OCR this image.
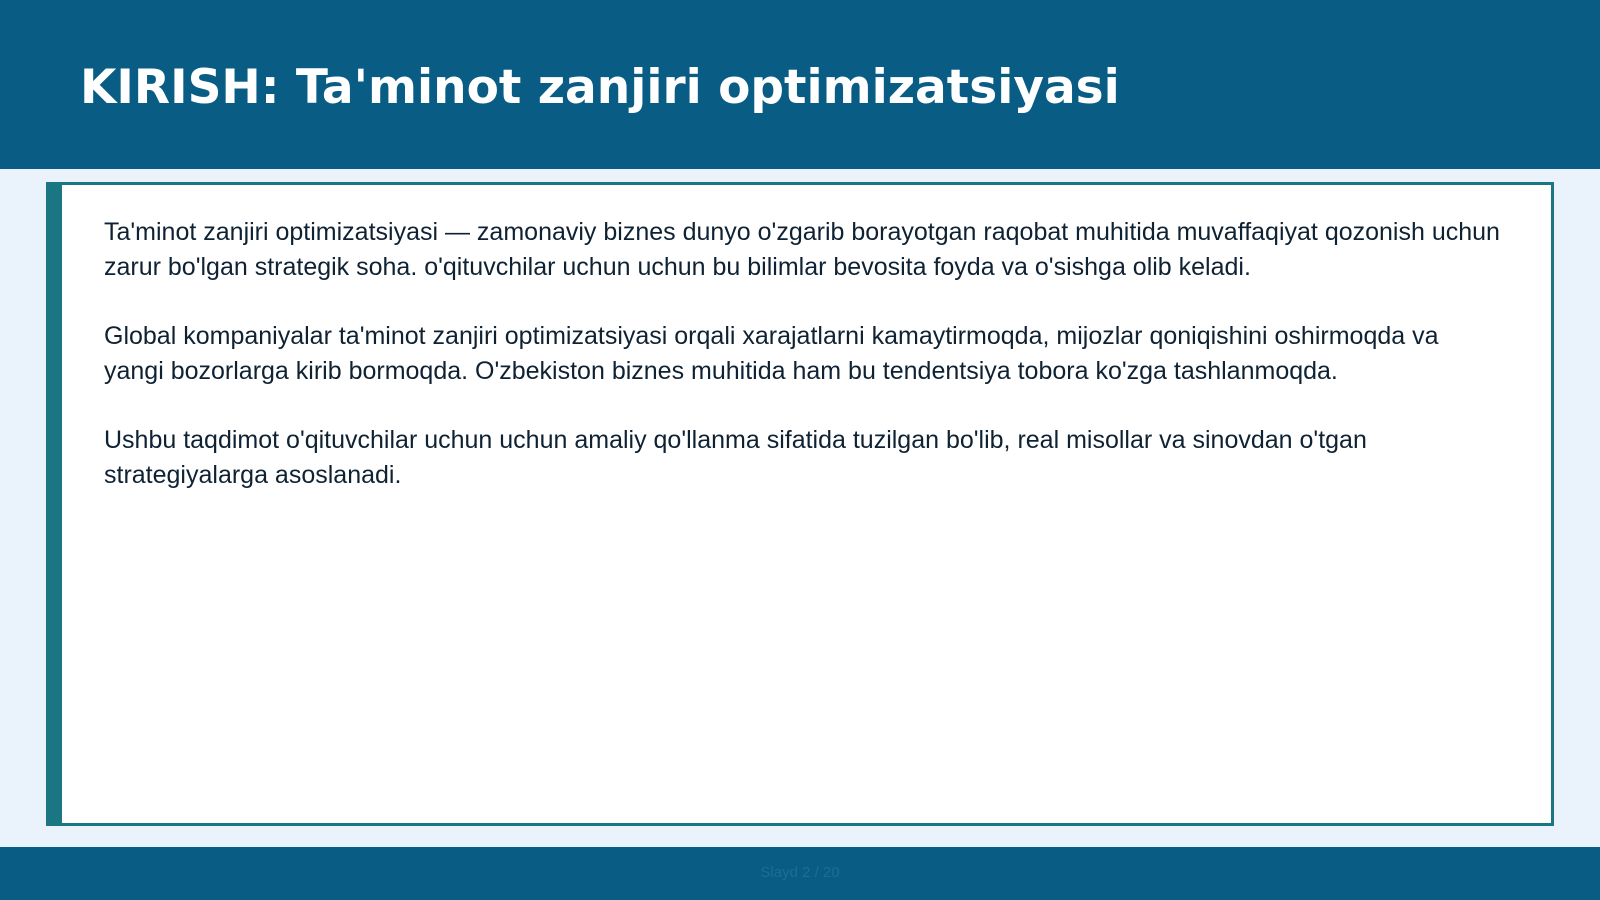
KIRISH: Ta'minot zanjiri optimizatsiyasi

Ta'minot zanjiri optimizatsiyasi — zamonaviy biznes dunyo o'zgarib borayotgan raqobat muhitida muvaffaqiyat qozonish uchun zarur bo'lgan strategik soha. o'qituvchilar uchun uchun bu bilimlar bevosita foyda va o'sishga olib keladi.

Global kompaniyalar ta'minot zanjiri optimizatsiyasi orqali xarajatlarni kamaytirmoqda, mijozlar qoniqishini oshirmoqda va yangi bozorlarga kirib bormoqda. O'zbekiston biznes muhitida ham bu tendentsiya tobora ko'zga tashlanmoqda.

Ushbu taqdimot o'qituvchilar uchun uchun amaliy qo'llanma sifatida tuzilgan bo'lib, real misollar va sinovdan o'tgan strategiyalarga asoslanadi.

Slayd 2 / 20
